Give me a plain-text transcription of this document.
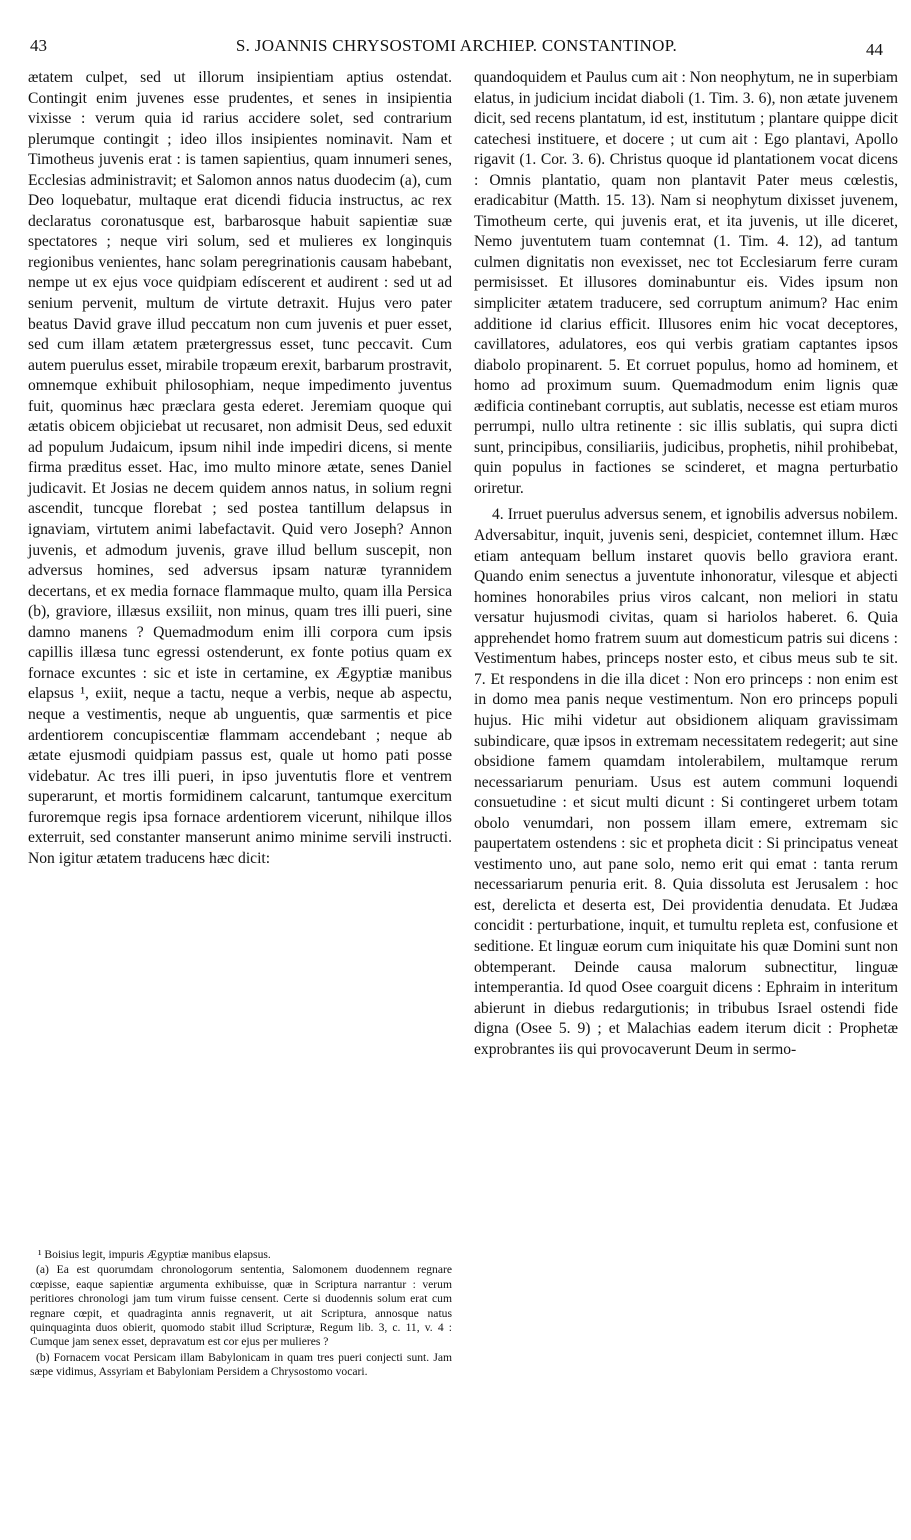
43	S. JOANNIS CHRYSOSTOMI ARCHIEP. CONSTANTINOP.	44

ætatem culpet, sed ut illorum insipientiam aptius ostendat. Contingit enim juvenes esse prudentes, et senes in insipientia vixisse : verum quia id rarius accidere solet, sed contrarium plerumque contingit ; ideo illos insipientes nominavit. Nam et Timotheus juvenis erat : is tamen sapientius, quam innumeri senes, Ecclesias administravit; et Salomon annos natus duodecim (a), cum Deo loquebatur, multaque erat dicendi fiducia instructus, ac rex declaratus coronatusque est, barbarosque habuit sapientiæ suæ spectatores ; neque viri solum, sed et mulieres ex longinquis regionibus venientes, hanc solam peregrinationis causam habebant, nempe ut ex ejus voce quidpiam edíscerent et audirent : sed ut ad senium pervenit, multum de virtute detraxit. Hujus vero pater beatus David grave illud peccatum non cum juvenis et puer esset, sed cum illam ætatem prætergressus esset, tunc peccavit. Cum autem puerulus esset, mirabile tropæum erexit, barbarum prostravit, omnemque exhibuit philosophiam, neque impedimento juventus fuit, quominus hæc præclara gesta ederet. Jeremiam quoque qui ætatis obicem objiciebat ut recusaret, non admisit Deus, sed eduxit ad populum Judaicum, ipsum nihil inde impediri dicens, si mente firma præditus esset. Hac, imo multo minore ætate, senes Daniel judicavit. Et Josias ne decem quidem annos natus, in solium regni ascendit, tuncque florebat ; sed postea tantillum delapsus in ignaviam, virtutem animi labefactavit. Quid vero Joseph? Annon juvenis, et admodum juvenis, grave illud bellum suscepit, non adversus homines, sed adversus ipsam naturæ tyrannidem decertans, et ex media fornace flammaque multo, quam illa Persica (b), graviore, illæsus exsiliit, non minus, quam tres illi pueri, sine damno manens ? Quemadmodum enim illi corpora cum ipsis capillis illæsa tunc egressi ostenderunt, ex fonte potius quam ex fornace excuntes : sic et iste in certamine, ex Ægyptiæ manibus elapsus ¹, exiit, neque a tactu, neque a verbis, neque ab aspectu, neque a vestimentis, neque ab unguentis, quæ sarmentis et pice ardentiorem concupiscentiæ flammam accendebant ; neque ab ætate ejusmodi quidpiam passus est, quale ut homo pati posse videbatur. Ac tres illi pueri, in ipso juventutis flore et ventrem superarunt, et mortis formidinem calcarunt, tantumque exercitum furoremque regis ipsa fornace ardentiorem vicerunt, nihilque illos exterruit, sed constanter manserunt animo minime servili instructi. Non igitur ætatem traducens hæc dicit:

¹ Boisius legit, impuris Ægyptiæ manibus elapsus.

(a) Ea est quorumdam chronologorum sententia, Salomonem duodennem regnare cœpisse, eaque sapientiæ argumenta exhibuisse, quæ in Scriptura narrantur : verum peritiores chronologi jam tum virum fuisse censent. Certe si duodennis solum erat cum regnare cœpit, et quadraginta annis regnaverit, ut ait Scriptura, annosque natus quinquaginta duos obierit, quomodo stabit illud Scripturæ, Regum lib. 3, c. 11, v. 4 : Cumque jam senex esset, depravatum est cor ejus per mulieres ?

(b) Fornacem vocat Persicam illam Babylonicam in quam tres pueri conjecti sunt. Jam sæpe vidimus, Assyriam et Babyloniam Persidem a Chrysostomo vocari.

quandoquidem et Paulus cum ait : Non neophytum, ne in superbiam elatus, in judicium incidat diaboli (1. Tim. 3. 6), non ætate juvenem dicit, sed recens plantatum, id est, institutum ; plantare quippe dicit catechesi instituere, et docere ; ut cum ait : Ego plantavi, Apollo rigavit (1. Cor. 3. 6). Christus quoque id plantationem vocat dicens : Omnis plantatio, quam non plantavit Pater meus cœlestis, eradicabitur (Matth. 15. 13). Nam si neophytum dixisset juvenem, Timotheum certe, qui juvenis erat, et ita juvenis, ut ille diceret, Nemo juventutem tuam contemnat (1. Tim. 4. 12), ad tantum culmen dignitatis non evexisset, nec tot Ecclesiarum ferre curam permisisset. Et illusores dominabuntur eis. Vides ipsum non simpliciter ætatem traducere, sed corruptum animum? Hac enim additione id clarius efficit. Illusores enim hic vocat deceptores, cavillatores, adulatores, eos qui verbis gratiam captantes ipsos diabolo propinarent. 5. Et corruet populus, homo ad hominem, et homo ad proximum suum. Quemadmodum enim lignis quæ ædificia continebant corruptis, aut sublatis, necesse est etiam muros perrumpi, nullo ultra retinente : sic illis sublatis, qui supra dicti sunt, principibus, consiliariis, judicibus, prophetis, nihil prohibebat, quin populus in factiones se scinderet, et magna perturbatio oriretur.

4. Irruet puerulus adversus senem, et ignobilis adversus nobilem. Adversabitur, inquit, juvenis seni, despiciet, contemnet illum. Hæc etiam antequam bellum instaret quovis bello graviora erant. Quando enim senectus a juventute inhonoratur, vilesque et abjecti homines honorabiles prius viros calcant, non meliori in statu versatur hujusmodi civitas, quam si hariolos haberet. 6. Quia apprehendet homo fratrem suum aut domesticum patris sui dicens : Vestimentum habes, princeps noster esto, et cibus meus sub te sit. 7. Et respondens in die illa dicet : Non ero princeps : non enim est in domo mea panis neque vestimentum. Non ero princeps populi hujus. Hic mihi videtur aut obsidionem aliquam gravissimam subindicare, quæ ipsos in extremam necessitatem redegerit; aut sine obsidione famem quamdam intolerabilem, multamque rerum necessariarum penuriam. Usus est autem communi loquendi consuetudine : et sicut multi dicunt : Si contingeret urbem totam obolo venumdari, non possem illam emere, extremam sic paupertatem ostendens : sic et propheta dicit : Si principatus veneat vestimento uno, aut pane solo, nemo erit qui emat : tanta rerum necessariarum penuria erit. 8. Quia dissoluta est Jerusalem : hoc est, derelicta et deserta est, Dei providentia denudata. Et Judæa concidit : perturbatione, inquit, et tumultu repleta est, confusione et seditione. Et linguæ eorum cum iniquitate his quæ Domini sunt non obtemperant. Deinde causa malorum subnectitur, linguæ intemperantia. Id quod Osee coarguit dicens : Ephraim in interitum abierunt in diebus redargutionis; in tribubus Israel ostendi fide digna (Osee 5. 9) ; et Malachias eadem iterum dicit : Prophetæ exprobrantes iis qui provocaverunt Deum in sermo-
